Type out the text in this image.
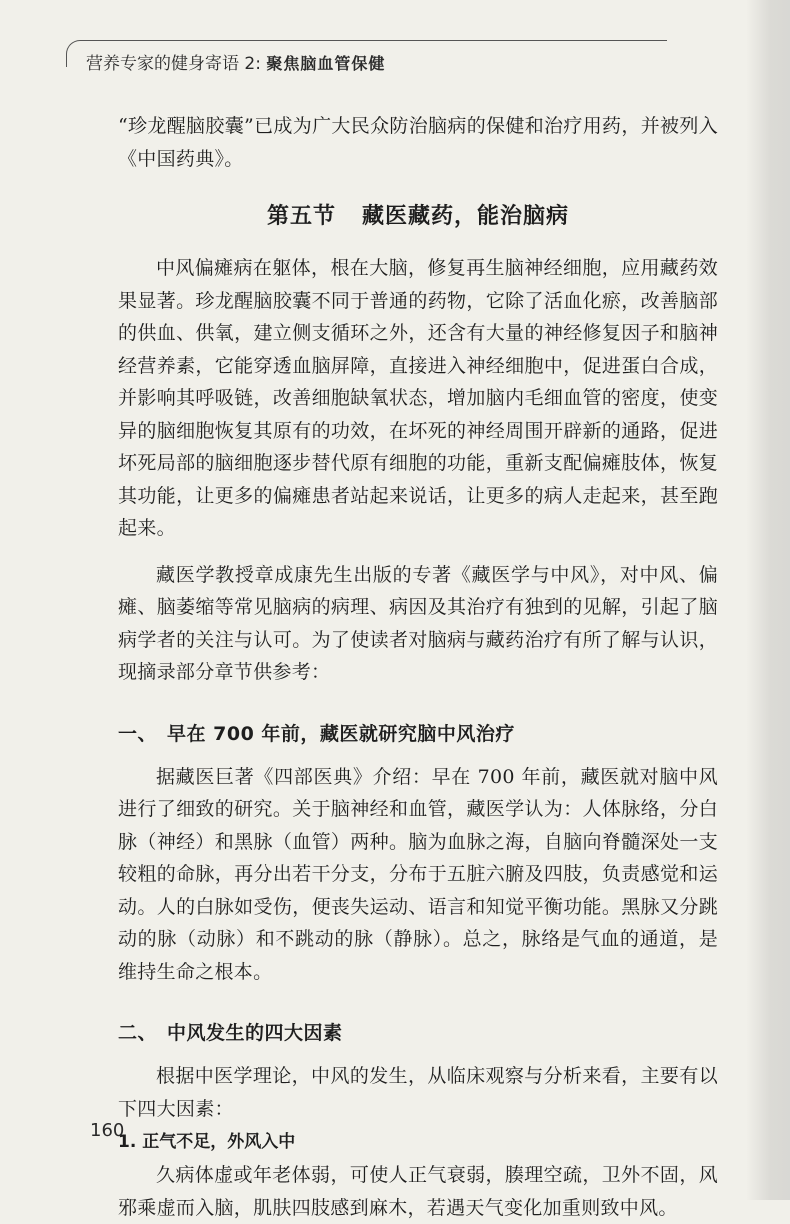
营养专家的健身寄语 2: 聚焦脑血管保健

“珍龙醒脑胶囊”已成为广大民众防治脑病的保健和治疗用药，并被列入《中国药典》。

第五节 藏医藏药，能治脑病

中风偏瘫病在躯体，根在大脑，修复再生脑神经细胞，应用藏药效果显著。珍龙醒脑胶囊不同于普通的药物，它除了活血化瘀，改善脑部的供血、供氧，建立侧支循环之外，还含有大量的神经修复因子和脑神经营养素，它能穿透血脑屏障，直接进入神经细胞中，促进蛋白合成，并影响其呼吸链，改善细胞缺氧状态，增加脑内毛细血管的密度，使变异的脑细胞恢复其原有的功效，在坏死的神经周围开辟新的通路，促进坏死局部的脑细胞逐步替代原有细胞的功能，重新支配偏瘫肢体，恢复其功能，让更多的偏瘫患者站起来说话，让更多的病人走起来，甚至跑起来。

藏医学教授章成康先生出版的专著《藏医学与中风》，对中风、偏瘫、脑萎缩等常见脑病的病理、病因及其治疗有独到的见解，引起了脑病学者的关注与认可。为了使读者对脑病与藏药治疗有所了解与认识，现摘录部分章节供参考：

一、 早在 700 年前，藏医就研究脑中风治疗

据藏医巨著《四部医典》介绍：早在 700 年前，藏医就对脑中风进行了细致的研究。关于脑神经和血管，藏医学认为：人体脉络，分白脉（神经）和黑脉（血管）两种。脑为血脉之海，自脑向脊髓深处一支较粗的命脉，再分出若干分支，分布于五脏六腑及四肢，负责感觉和运动。人的白脉如受伤，便丧失运动、语言和知觉平衡功能。黑脉又分跳动的脉（动脉）和不跳动的脉（静脉）。总之，脉络是气血的通道，是维持生命之根本。

二、 中风发生的四大因素

根据中医学理论，中风的发生，从临床观察与分析来看，主要有以下四大因素：

1. 正气不足，外风入中

久病体虚或年老体弱，可使人正气衰弱，腠理空疏，卫外不固，风邪乘虚而入脑，肌肤四肢感到麻木，若遇天气变化加重则致中风。

160
